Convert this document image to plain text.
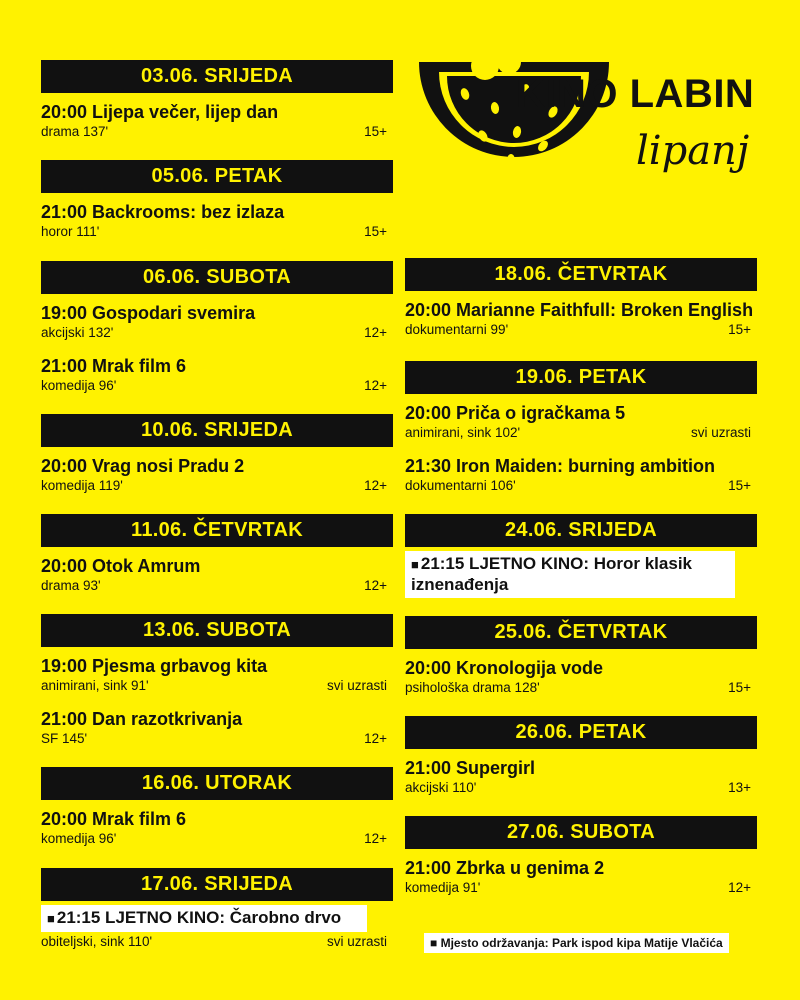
KINO LABIN
lipanj
03.06. SRIJEDA
20:00 Lijepa večer, lijep dan
drama 137'	15+
05.06. PETAK
21:00 Backrooms: bez izlaza
horor 111'	15+
06.06. SUBOTA
19:00 Gospodari svemira
akcijski 132'	12+
21:00 Mrak film 6
komedija 96'	12+
10.06. SRIJEDA
20:00 Vrag nosi Pradu 2
komedija 119'	12+
11.06. ČETVRTAK
20:00 Otok Amrum
drama 93'	12+
13.06. SUBOTA
19:00 Pjesma grbavog kita
animirani, sink 91'	svi uzrasti
21:00 Dan razotkrivanja
SF 145'	12+
16.06. UTORAK
20:00 Mrak film 6
komedija 96'	12+
17.06. SRIJEDA
■ 21:15 LJETNO KINO: Čarobno drvo
obiteljski, sink 110'	svi uzrasti
18.06. ČETVRTAK
20:00 Marianne Faithfull: Broken English
dokumentarni 99'	15+
19.06. PETAK
20:00 Priča o igračkama 5
animirani, sink 102'	svi uzrasti
21:30 Iron Maiden: burning ambition
dokumentarni 106'	15+
24.06. SRIJEDA
■ 21:15 LJETNO KINO: Horor klasik iznenađenja
25.06. ČETVRTAK
20:00 Kronologija vode
psihološka drama 128'	15+
26.06. PETAK
21:00 Supergirl
akcijski 110'	13+
27.06. SUBOTA
21:00 Zbrka u genima 2
komedija 91'	12+
■ Mjesto održavanja: Park ispod kipa Matije Vlačića
